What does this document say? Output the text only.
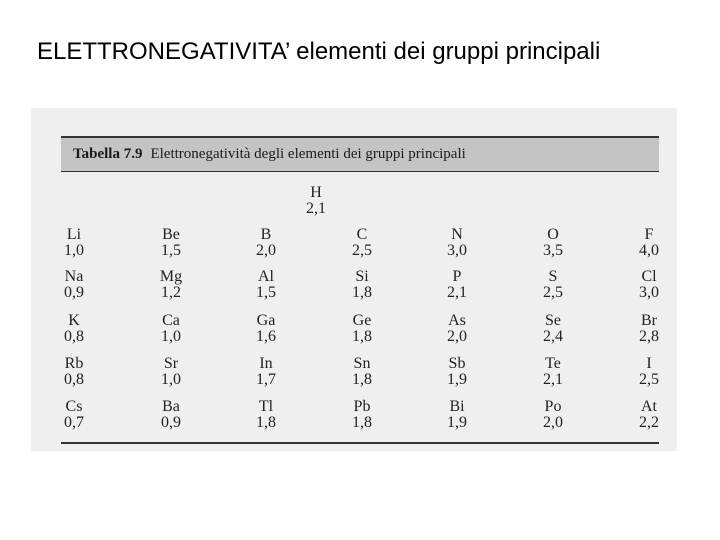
ELETTRONEGATIVITA’ elementi dei gruppi principali
Tabella 7.9 Elettronegatività degli elementi dei gruppi principali
H
2,1
Li
1,0
Be
1,5
B
2,0
C
2,5
N
3,0
O
3,5
F
4,0
Na
0,9
Mg
1,2
Al
1,5
Si
1,8
P
2,1
S
2,5
Cl
3,0
K
0,8
Ca
1,0
Ga
1,6
Ge
1,8
As
2,0
Se
2,4
Br
2,8
Rb
0,8
Sr
1,0
In
1,7
Sn
1,8
Sb
1,9
Te
2,1
I
2,5
Cs
0,7
Ba
0,9
Tl
1,8
Pb
1,8
Bi
1,9
Po
2,0
At
2,2
